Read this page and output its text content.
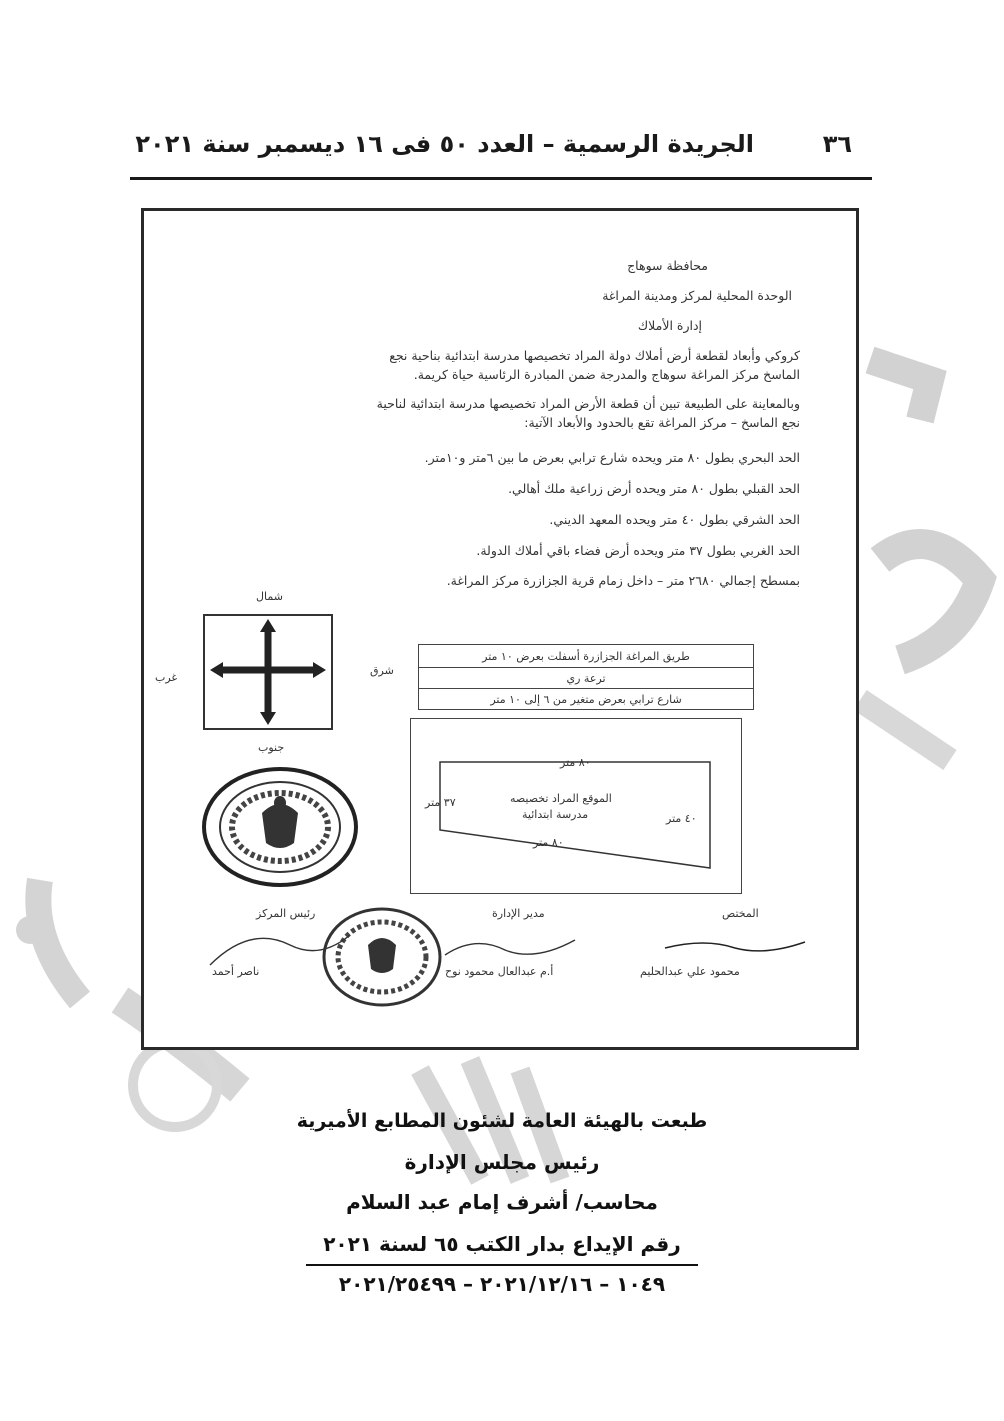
٣٦
الجريدة الرسمية – العدد ٥٠ فى ١٦ ديسمبر سنة ٢٠٢١
محافظة سوهاج
الوحدة المحلية لمركز ومدينة المراغة
إدارة الأملاك
كروكي وأبعاد لقطعة أرض أملاك دولة المراد تخصيصها مدرسة ابتدائية بناحية نجع الماسخ مركز المراغة سوهاج والمدرجة ضمن المبادرة الرئاسية حياة كريمة.
وبالمعاينة على الطبيعة تبين أن قطعة الأرض المراد تخصيصها مدرسة ابتدائية لناحية نجع الماسخ – مركز المراغة تقع بالحدود والأبعاد الآتية:
الحد البحري بطول ٨٠ متر ويحده شارع ترابي بعرض ما بين ٦متر و١٠متر.
الحد القبلي بطول ٨٠ متر ويحده أرض زراعية ملك أهالي.
الحد الشرقي بطول ٤٠ متر ويحده المعهد الديني.
الحد الغربي بطول ٣٧ متر ويحده أرض فضاء باقي أملاك الدولة.
بمسطح إجمالي ٢٦٨٠ متر – داخل زمام قرية الجزازرة مركز المراغة.
شمال
جنوب
غرب
شرق
طريق المراغة الجزازرة أسفلت بعرض ١٠ متر
ترعة ري
شارع ترابي بعرض متغير من ٦ إلى ١٠ متر
٨٠ متر
٨٠ متر
٣٧ متر
٤٠ متر
الموقع المراد تخصيصه
مدرسة ابتدائية
المختص
مدير الإدارة
رئيس المركز
محمود علي عبدالحليم
أ.م عبدالعال محمود نوح
ناصر أحمد
طبعت بالهيئة العامة لشئون المطابع الأميرية
رئيس مجلس الإدارة
محاسب/ أشرف إمام عبد السلام
رقم الإيداع بدار الكتب ٦٥ لسنة ٢٠٢١
١٠٤٩ – ٢٠٢١/١٢/١٦ – ٢٠٢١/٢٥٤٩٩
